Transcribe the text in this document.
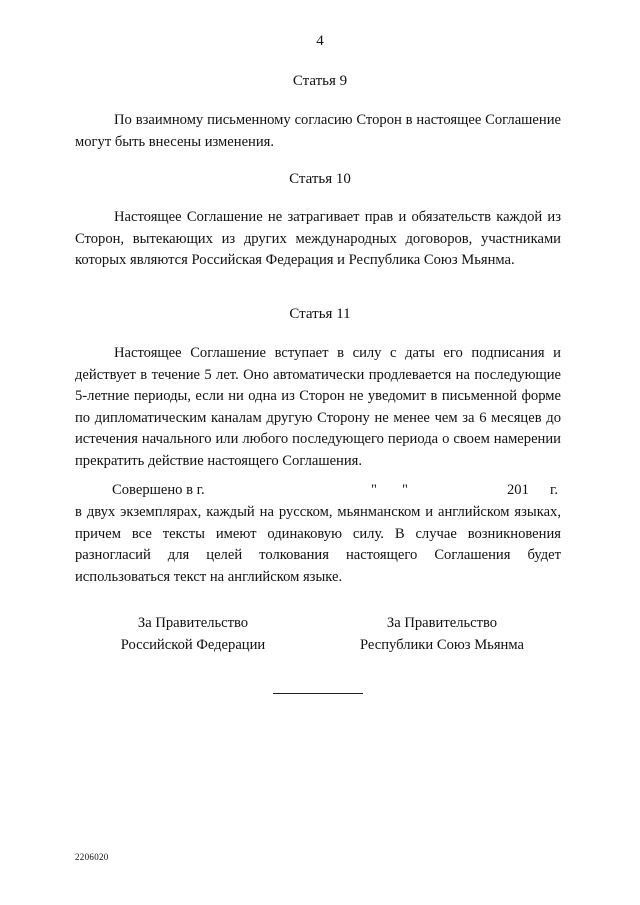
4
Статья 9
По взаимному письменному согласию Сторон в настоящее Соглашение могут быть внесены изменения.
Статья 10
Настоящее Соглашение не затрагивает прав и обязательств каждой из Сторон, вытекающих из других международных договоров, участниками которых являются Российская Федерация и Республика Союз Мьянма.
Статья 11
Настоящее Соглашение вступает в силу с даты его подписания и действует в течение 5 лет. Оно автоматически продлевается на последующие 5-летние периоды, если ни одна из Сторон не уведомит в письменной форме по дипломатическим каналам другую Сторону не менее чем за 6 месяцев до истечения начального или любого последующего периода о своем намерении прекратить действие настоящего Соглашения.
Совершено в г.	" "	201 г.
в двух экземплярах, каждый на русском, мьянманском и английском языках, причем все тексты имеют одинаковую силу. В случае возникновения разногласий для целей толкования настоящего Соглашения будет использоваться текст на английском языке.
За Правительство
Российской Федерации
За Правительство
Республики Союз Мьянма
2206020
